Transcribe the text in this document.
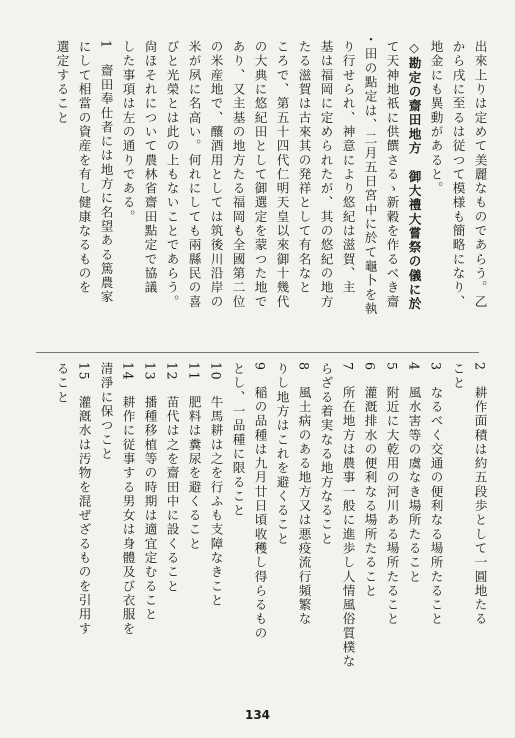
出來上りは定めて美麗なものであらう。乙
から戌に至るは従つて模様も簡略になり、
地金にも異動があると。
◇勘定の齋田地方　御大禮大嘗祭の儀に於
て天神地祇に供饌さるゝ新穀を作るべき齋
・田の點定は、二月五日宮中に於て龜卜を執
り行せられ、神意により悠紀は滋賀、主
基は福岡に定められたが、其の悠紀の地方
たる滋賀は古來其の発祥として有名なと
ころで、第五十四代仁明天皇以來御十幾代
の大典に悠紀田として御選定を蒙つた地で
あり、又主基の地方たる福岡も全國第二位
の米産地で、釀酒用としては筑後川沿岸の
米が夙に名高い。何れにしても兩縣民の喜
びと光榮とは此の上もないことであらう。
尙ほそれについて農林省齋田點定で協議
した事項は左の通りである。
1　齋田奉仕者には地方に名望ある篤農家
にして相當の資産を有し健康なるものを
選定すること
2　耕作面積は約五段歩として一圓地たる
こと
3　なるべく交通の便利なる場所たること
4　風水害等の虞なき場所たること
5　附近に大乾用の河川ある場所たること
6　灌漑排水の便利なる場所たること
7　所在地方は農事一般に進歩し人情風俗質樸な
らざる着実なる地方なること
8　風土病のある地方又は悪疫流行頻繁な
りし地方はこれを避くること
9　稲の品種は九月廿日頃收穫し得らるもの
とし、一品種に限ること
10　牛馬耕は之を行ふも支障なきこと
11　肥料は糞尿を避くること
12　苗代は之を齋田中に設くること
13　播種移植等の時期は適宜定むること
14　耕作に従事する男女は身體及び衣服を
清淨に保つこと
15　灌漑水は汚物を混ぜざるものを引用す
ること
134
